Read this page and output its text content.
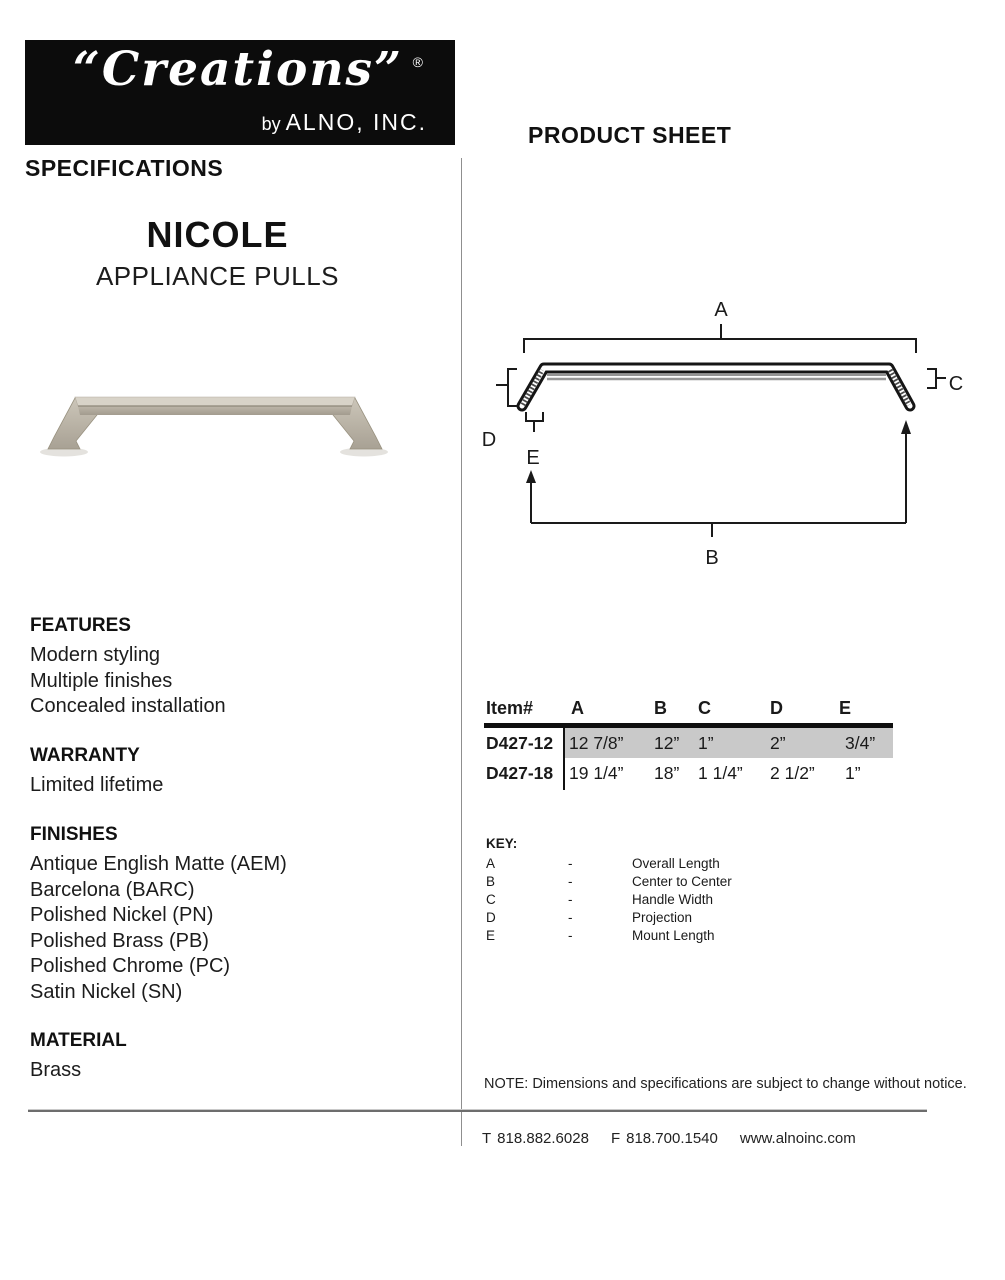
“Creations” ®
by ALNO, INC.
SPECIFICATIONS
PRODUCT SHEET
NICOLE
APPLIANCE PULLS
A
C
D
E
B
FEATURES
Modern styling
Multiple finishes
Concealed installation
WARRANTY
Limited lifetime
FINISHES
Antique English Matte (AEM)
Barcelona (BARC)
Polished Nickel (PN)
Polished Brass (PB)
Polished Chrome (PC)
Satin Nickel (SN)
MATERIAL
Brass
Item#	A	B	C	D	E
D427-12 12 7/8”	12”	1”	2”	3/4”
D427-18 19 1/4”	18”	1 1/4”	2 1/2”	1”
KEY:
A	-	Overall Length
B	-	Center to Center
C	-	Handle Width
D	-	Projection
E	-	Mount Length
NOTE: Dimensions and specifications are subject to change without notice.
T 818.882.6028 F 818.700.1540 www.alnoinc.com
